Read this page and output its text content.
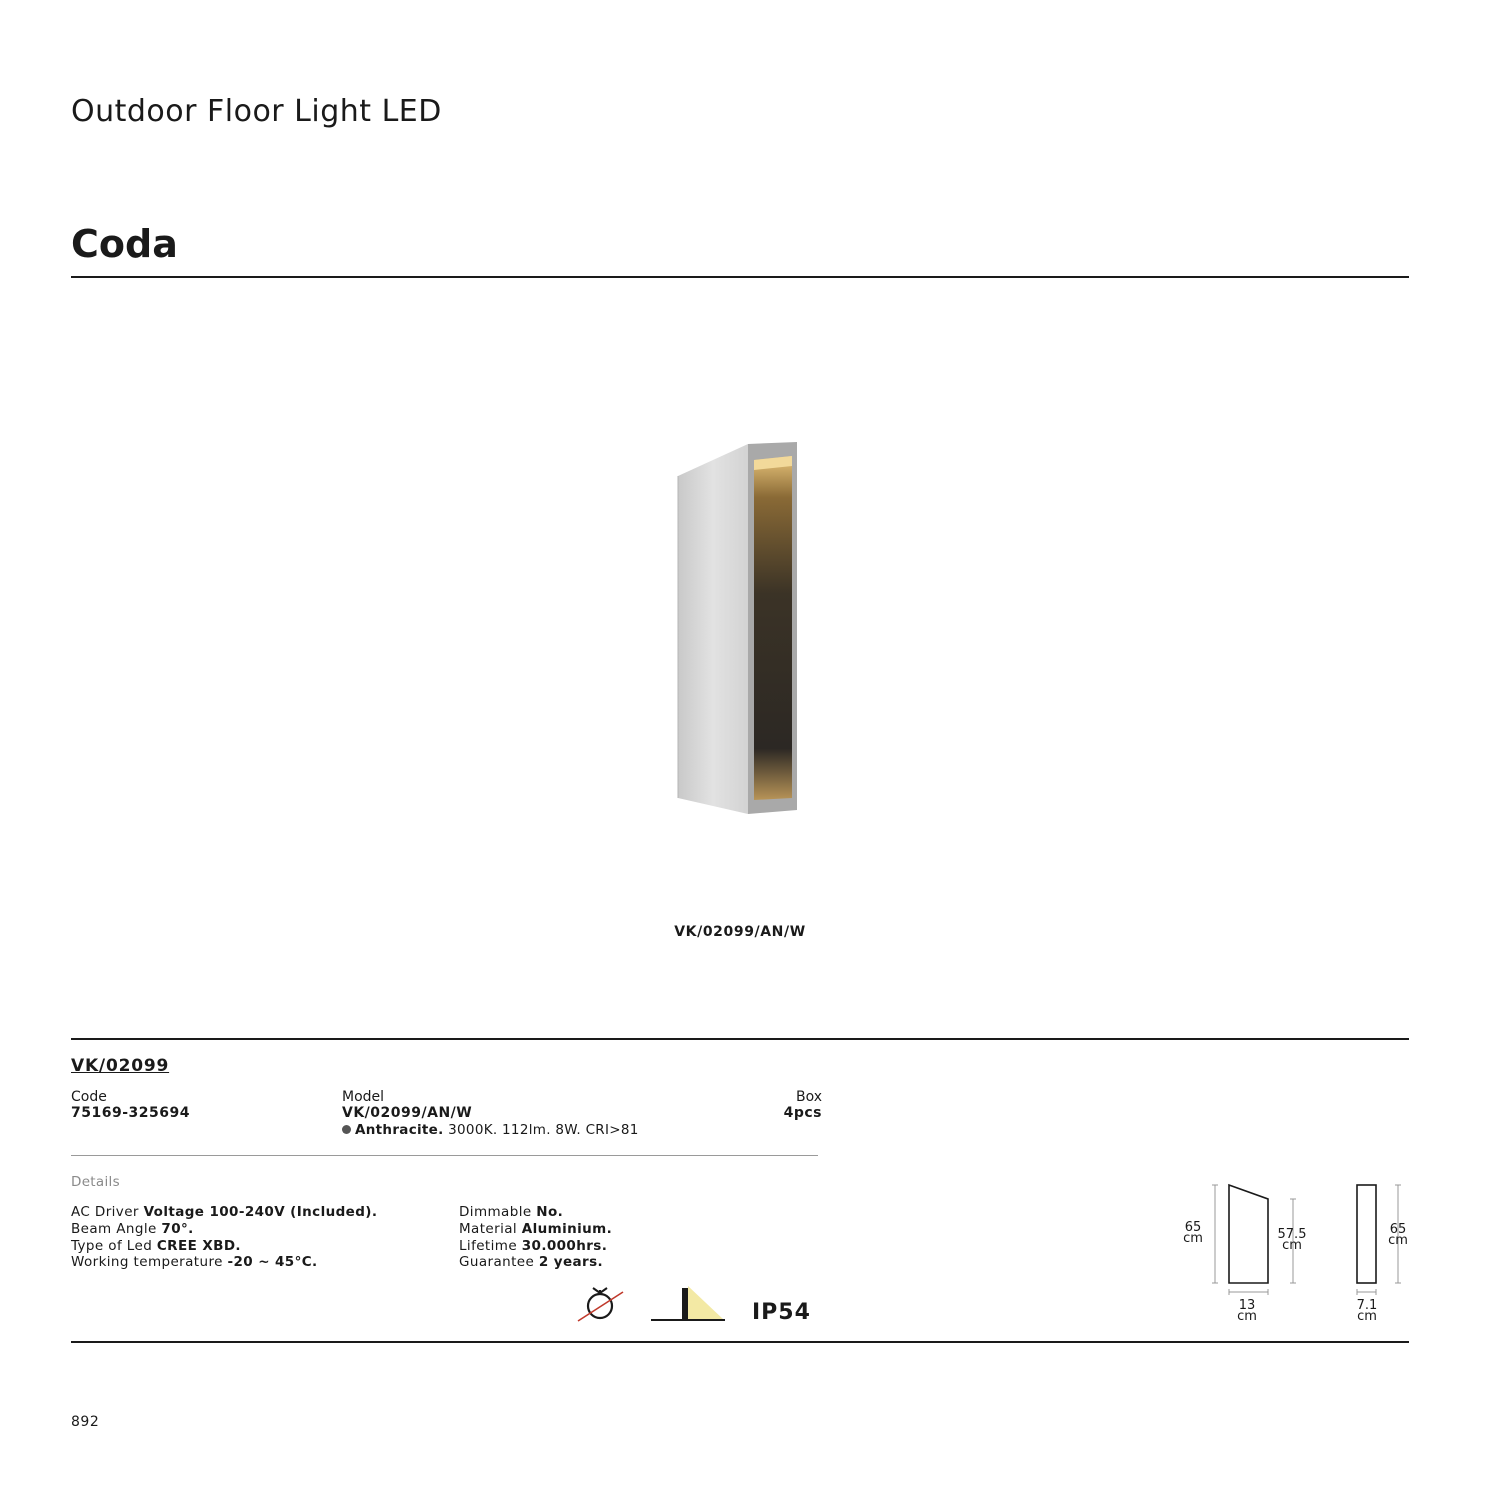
Outdoor Floor Light LED
Coda
VK/02099/AN/W
VK/02099
Code
75169-325694
Model
VK/02099/AN/W
Anthracite. 3000K. 112lm. 8W. CRI>81
Box
4pcs
Details
AC Driver Voltage 100-240V (Included).
Beam Angle 70°.
Type of Led CREE XBD.
Working temperature -20 ~ 45°C.
Dimmable No.
Material Aluminium.
Lifetime 30.000hrs.
Guarantee 2 years.
IP54
65
cm	57.5
cm
13
cm
65
cm
7.1
cm
892
